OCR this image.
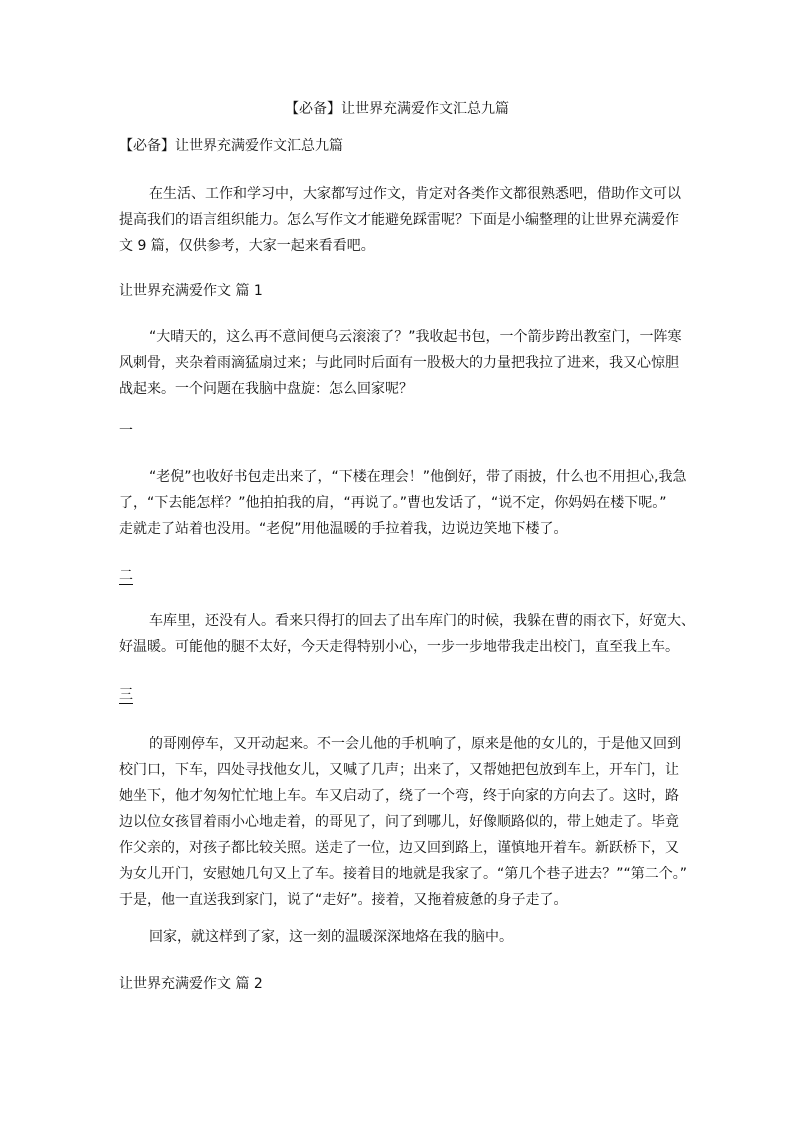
【必备】让世界充满爱作文汇总九篇
【必备】让世界充满爱作文汇总九篇
在生活、工作和学习中，大家都写过作文，肯定对各类作文都很熟悉吧，借助作文可以
提高我们的语言组织能力。怎么写作文才能避免踩雷呢？下面是小编整理的让世界充满爱作
文 9 篇，仅供参考，大家一起来看看吧。
让世界充满爱作文 篇 1
“大晴天的，这么再不意间便乌云滚滚了？”我收起书包，一个箭步跨出教室门，一阵寒
风刺骨，夹杂着雨滴猛扇过来；与此同时后面有一股极大的力量把我拉了进来，我又心惊胆
战起来。一个问题在我脑中盘旋：怎么回家呢？
一
“老倪”也收好书包走出来了，“下楼在理会！”他倒好，带了雨披，什么也不用担心,我急
了，“下去能怎样？”他拍拍我的肩，“再说了。”曹也发话了，“说不定，你妈妈在楼下呢。”
走就走了站着也没用。“老倪”用他温暖的手拉着我，边说边笑地下楼了。
二
车库里，还没有人。看来只得打的回去了出车库门的时候，我躲在曹的雨衣下，好宽大、
好温暖。可能他的腿不太好，今天走得特别小心，一步一步地带我走出校门，直至我上车。
三
的哥刚停车，又开动起来。不一会儿他的手机响了，原来是他的女儿的，于是他又回到
校门口，下车，四处寻找他女儿，又喊了几声；出来了，又帮她把包放到车上，开车门，让
她坐下，他才匆匆忙忙地上车。车又启动了，绕了一个弯，终于向家的方向去了。这时，路
边以位女孩冒着雨小心地走着，的哥见了，问了到哪儿，好像顺路似的，带上她走了。毕竟
作父亲的，对孩子都比较关照。送走了一位，边又回到路上，谨慎地开着车。新跃桥下，又
为女儿开门，安慰她几句又上了车。接着目的地就是我家了。“第几个巷子进去？”“第二个。”
于是，他一直送我到家门，说了“走好”。接着，又拖着疲惫的身子走了。
回家，就这样到了家，这一刻的温暖深深地烙在我的脑中。
让世界充满爱作文 篇 2
